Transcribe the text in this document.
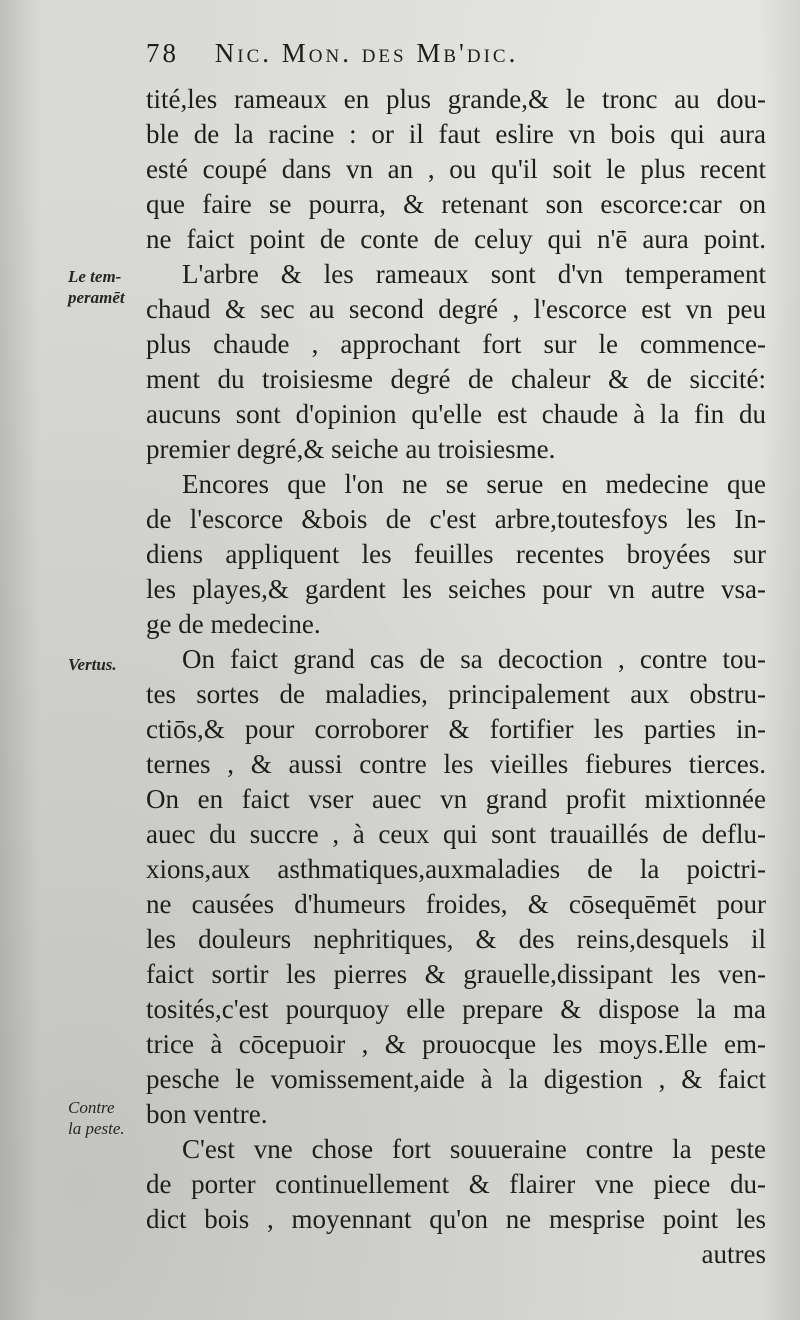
78 Nic. Mon. des Mb'dic.
Le tem-
peramēt
Vertus.
Contre
la peste.
tité,les rameaux en plus grande,& le tronc au dou-
ble de la racine : or il faut eslire vn bois qui aura
esté coupé dans vn an , ou qu'il soit le plus recent
que faire se pourra, & retenant son escorce:car on
ne faict point de conte de celuy qui n'ē aura point.
L'arbre & les rameaux sont d'vn temperament
chaud & sec au second degré , l'escorce est vn peu
plus chaude , approchant fort sur le commence-
ment du troisiesme degré de chaleur & de siccité:
aucuns sont d'opinion qu'elle est chaude à la fin du
premier degré,& seiche au troisiesme.
Encores que l'on ne se serue en medecine que
de l'escorce &bois de c'est arbre,toutesfoys les In-
diens appliquent les feuilles recentes broyées sur
les playes,& gardent les seiches pour vn autre vsa-
ge de medecine.
On faict grand cas de sa decoction , contre tou-
tes sortes de maladies, principalement aux obstru-
ctiōs,& pour corroborer & fortifier les parties in-
ternes , & aussi contre les vieilles fiebures tierces.
On en faict vser auec vn grand profit mixtionnée
auec du succre , à ceux qui sont trauaillés de deflu-
xions,aux asthmatiques,auxmaladies de la poictri-
ne causées d'humeurs froides, & cōsequēmēt pour
les douleurs nephritiques, & des reins,desquels il
faict sortir les pierres & grauelle,dissipant les ven-
tosités,c'est pourquoy elle prepare & dispose la ma
trice à cōcepuoir , & prouocque les moys.Elle em-
pesche le vomissement,aide à la digestion , & faict
bon ventre.
C'est vne chose fort souueraine contre la peste
de porter continuellement & flairer vne piece du-
dict bois , moyennant qu'on ne mesprise point les
autres
